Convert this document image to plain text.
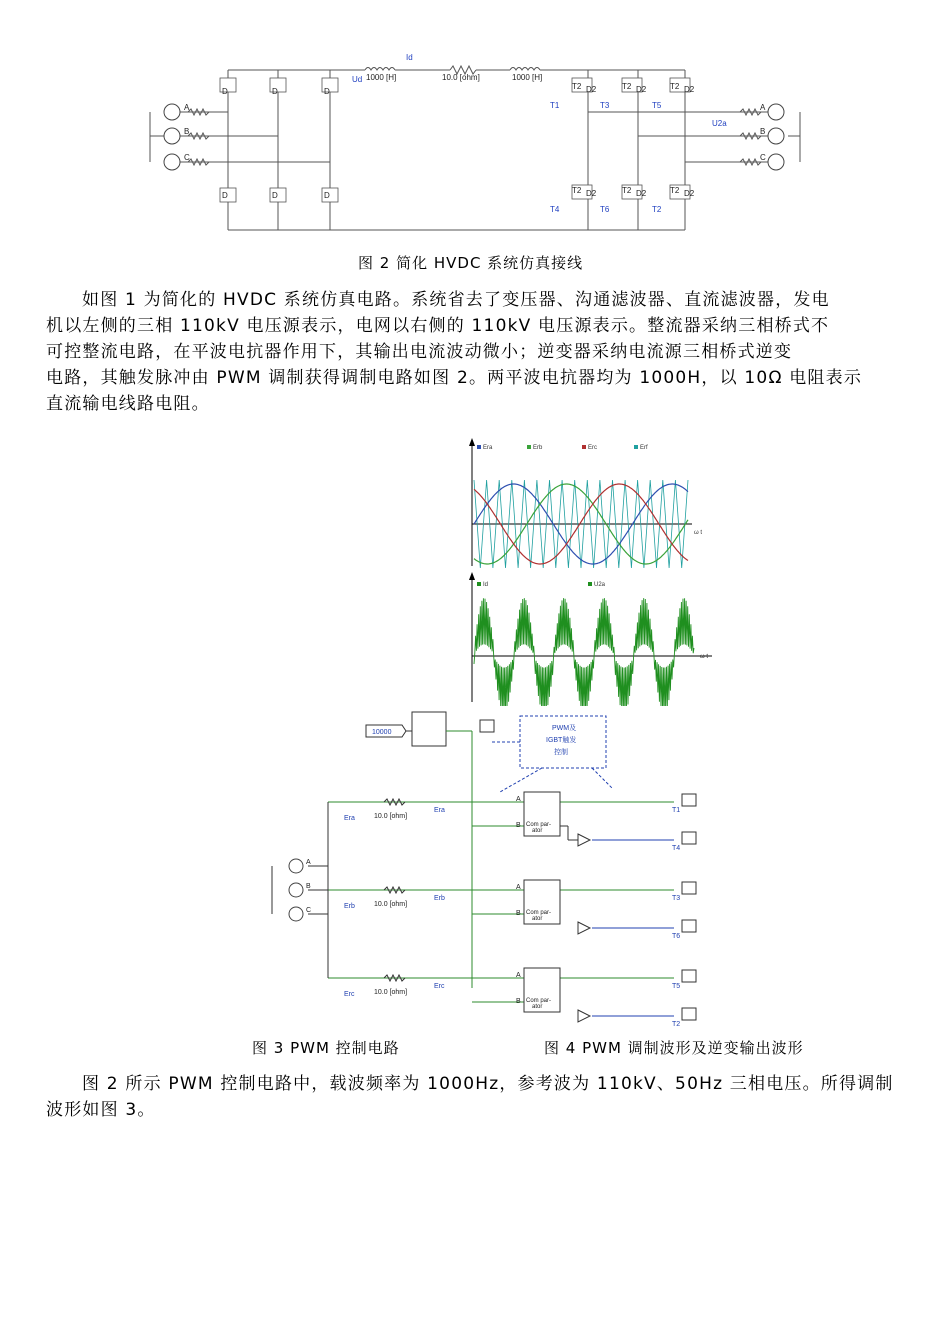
D	D	D
D	D	D
T2 D2	T2 D2	T2 D2
T2 D2	T2 D2	T2 D2
A
B
C
A
B
C
1000 [H]	10.0 [ohm]	1000 [H]
Id
Ud
U2a
T1	T3	T5
T4	T6	T2
图 2 简化 HVDC 系统仿真接线
如图 1 为简化的 HVDC 系统仿真电路。系统省去了变压器、沟通滤波器、直流滤波器，发电
机以左侧的三相 110kV 电压源表示，电网以右侧的 110kV 电压源表示。整流器采纳三相桥式不
可控整流电路，在平波电抗器作用下，其输出电流波动微小；逆变器采纳电流源三相桥式逆变
电路，其触发脉冲由 PWM 调制获得调制电路如图 2。两平波电抗器均为 1000H，以 10Ω 电阻表示
直流输电线路电阻。
Era	Erb	Erc	Erf
ω t
Id	U2a
ω t
10000
10.0 [ohm]
10.0 [ohm]
10.0 [ohm]
Era
Erb
Erc
Era
Erb
Erc
A
B
C
A
B Com par-
ator
A
B Com par-
ator
A
B Com par-
ator
PWM及
IGBT触发
控制
T1
T4
T3
T6
T5
T2
图 3 PWM 控制电路	图 4 PWM 调制波形及逆变输出波形
图 2 所示 PWM 控制电路中，载波频率为 1000Hz，参考波为 110kV、50Hz 三相电压。所得调制
波形如图 3。
